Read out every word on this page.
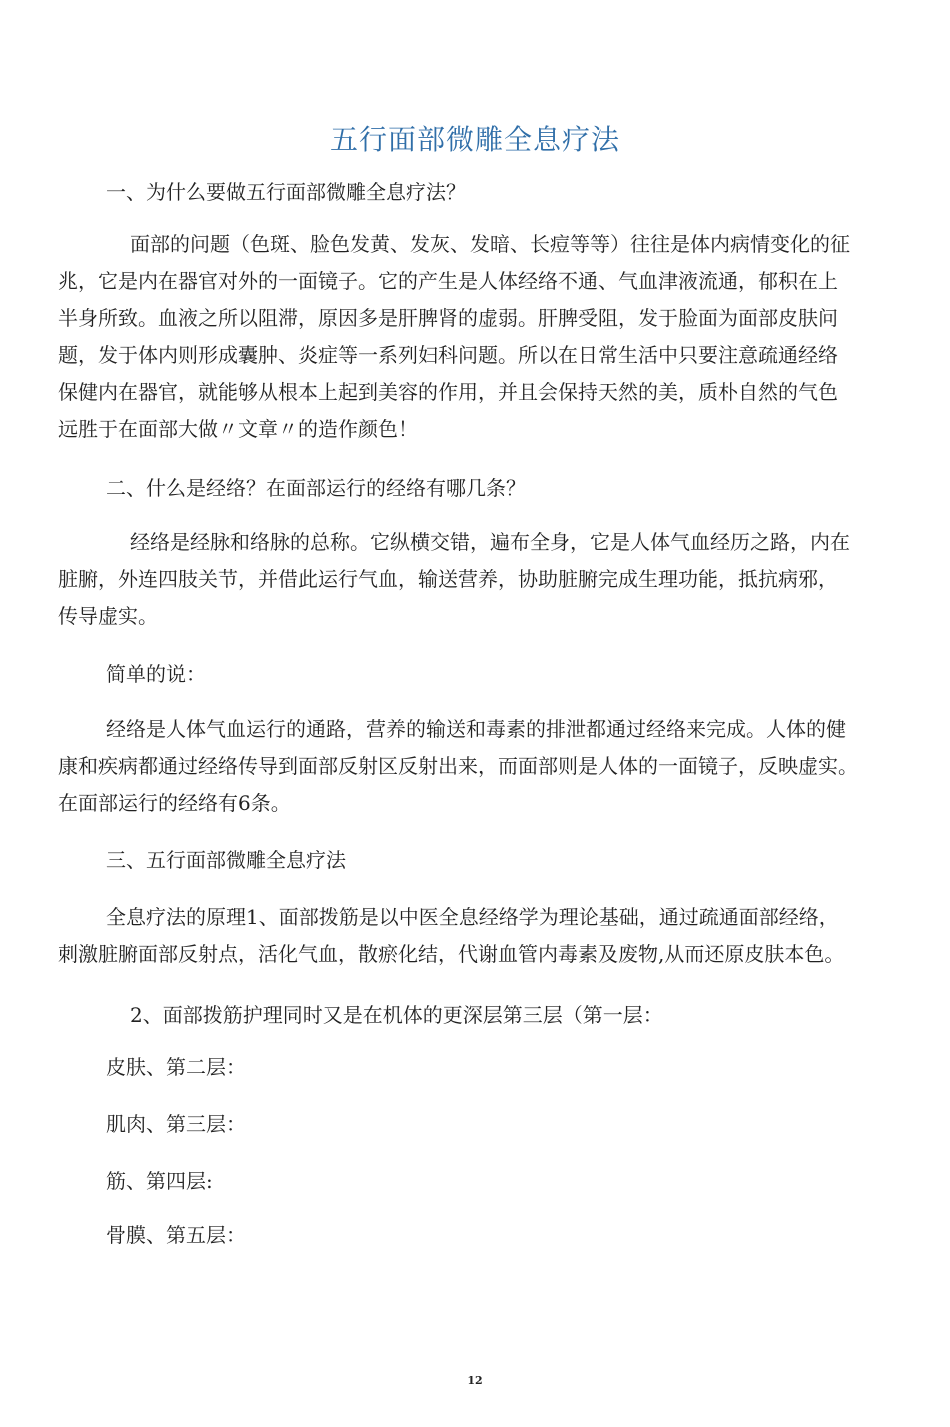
五行面部微雕全息疗法

一、为什么要做五行面部微雕全息疗法？

面部的问题（色斑、脸色发黄、发灰、发暗、长痘等等）往往是体内病情变化的征

兆，它是内在器官对外的一面镜子。它的产生是人体经络不通、气血津液流通，郁积在上

半身所致。血液之所以阻滞，原因多是肝脾肾的虚弱。肝脾受阻，发于脸面为面部皮肤问

题，发于体内则形成囊肿、炎症等一系列妇科问题。所以在日常生活中只要注意疏通经络

保健内在器官，就能够从根本上起到美容的作用，并且会保持天然的美，质朴自然的气色

远胜于在面部大做〃文章〃的造作颜色！

二、什么是经络？在面部运行的经络有哪几条？

经络是经脉和络脉的总称。它纵横交错，遍布全身，它是人体气血经历之路，内在

脏腑，外连四肢关节，并借此运行气血，输送营养，协助脏腑完成生理功能，抵抗病邪，

传导虚实。

简单的说：

经络是人体气血运行的通路，营养的输送和毒素的排泄都通过经络来完成。人体的健

康和疾病都通过经络传导到面部反射区反射出来，而面部则是人体的一面镜子，反映虚实。

在面部运行的经络有6条。

三、五行面部微雕全息疗法

全息疗法的原理1、面部拨筋是以中医全息经络学为理论基础，通过疏通面部经络，

刺激脏腑面部反射点，活化气血，散瘀化结，代谢血管内毒素及废物,从而还原皮肤本色。

2、面部拨筋护理同时又是在机体的更深层第三层（第一层：

皮肤、第二层：

肌肉、第三层：

筋、第四层:

骨膜、第五层：

12
